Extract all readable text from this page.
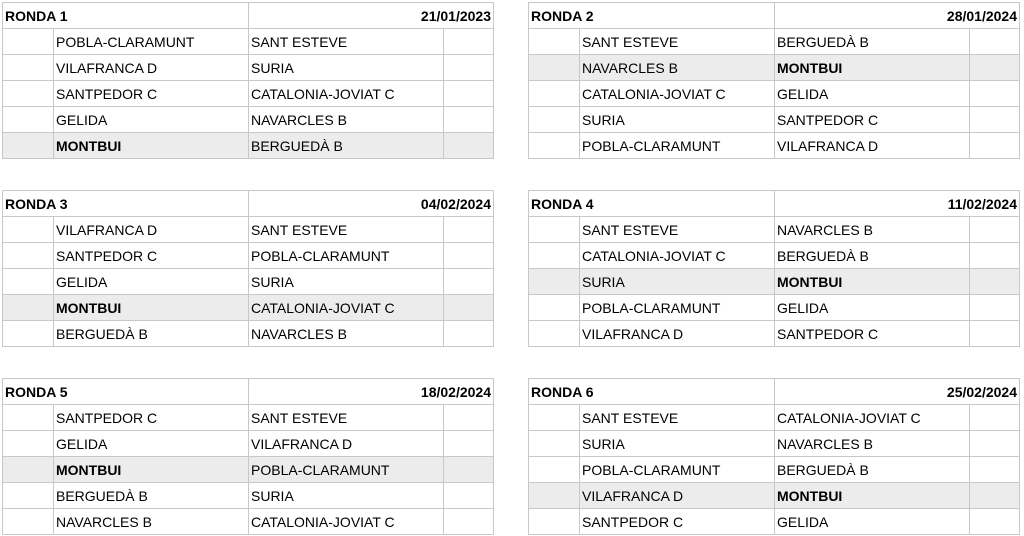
RONDA 1		21/01/2023	
	POBLA-CLARAMUNT	SANT ESTEVE	
	VILAFRANCA D	SURIA	
	SANTPEDOR C	CATALONIA-JOVIAT C	
	GELIDA	NAVARCLES B	
	MONTBUI	BERGUEDÀ B	
RONDA 2		28/01/2024	
	SANT ESTEVE	BERGUEDÀ B	
	NAVARCLES B	MONTBUI	
	CATALONIA-JOVIAT C	GELIDA	
	SURIA	SANTPEDOR C	
	POBLA-CLARAMUNT	VILAFRANCA D	
RONDA 3		04/02/2024	
	VILAFRANCA D	SANT ESTEVE	
	SANTPEDOR C	POBLA-CLARAMUNT	
	GELIDA	SURIA	
	MONTBUI	CATALONIA-JOVIAT C	
	BERGUEDÀ B	NAVARCLES B	
RONDA 4		11/02/2024	
	SANT ESTEVE	NAVARCLES B	
	CATALONIA-JOVIAT C	BERGUEDÀ B	
	SURIA	MONTBUI	
	POBLA-CLARAMUNT	GELIDA	
	VILAFRANCA D	SANTPEDOR C	
RONDA 5		18/02/2024	
	SANTPEDOR C	SANT ESTEVE	
	GELIDA	VILAFRANCA D	
	MONTBUI	POBLA-CLARAMUNT	
	BERGUEDÀ B	SURIA	
	NAVARCLES B	CATALONIA-JOVIAT C	
RONDA 6		25/02/2024	
	SANT ESTEVE	CATALONIA-JOVIAT C	
	SURIA	NAVARCLES B	
	POBLA-CLARAMUNT	BERGUEDÀ B	
	VILAFRANCA D	MONTBUI	
	SANTPEDOR C	GELIDA	
